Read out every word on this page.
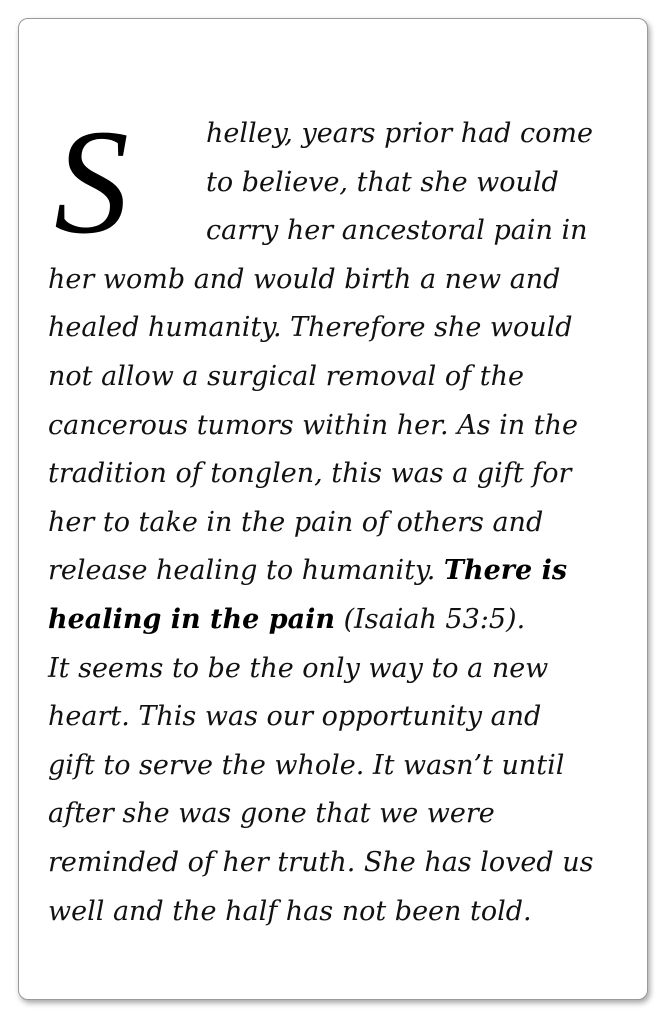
S	helley, years prior had come
to believe, that she would
carry her ancestoral pain in
her womb and would birth a new and
healed humanity. Therefore she would
not allow a surgical removal of the
cancerous tumors within her. As in the
tradition of tonglen, this was a gift for
her to take in the pain of others and
release healing to humanity. There is
healing in the pain (Isaiah 53:5).
It seems to be the only way to a new
heart. This was our opportunity and
gift to serve the whole. It wasn’t until
after she was gone that we were
reminded of her truth. She has loved us
well and the half has not been told.
